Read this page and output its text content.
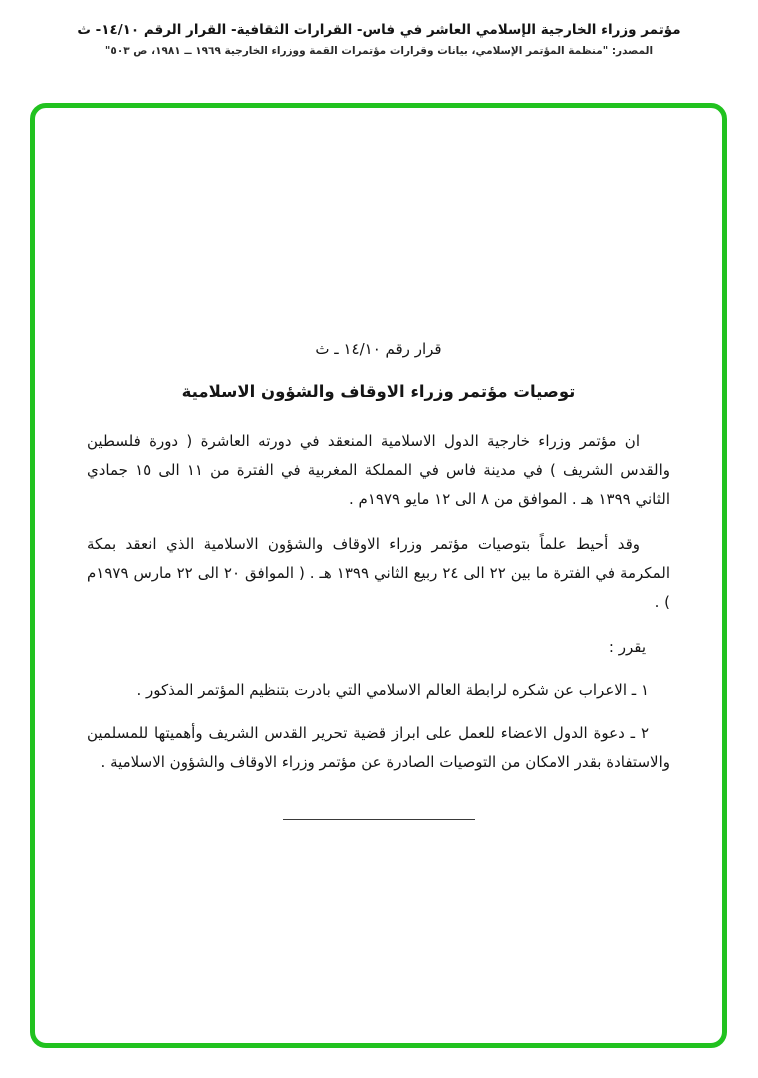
مؤتمر وزراء الخارجية الإسلامي العاشر في فاس- القرارات الثقافية- القرار الرقم ١٤/١٠- ث
المصدر: "منظمة المؤتمر الإسلامي، بيانات وقرارات مؤتمرات القمة ووزراء الخارجية ١٩٦٩ ــ ١٩٨١، ص ٥٠٣"
قرار رقم ١٤/١٠ ـ ث
توصيات مؤتمر وزراء الاوقاف والشؤون الاسلامية

ان مؤتمر وزراء خارجية الدول الاسلامية المنعقد في دورته العاشرة ( دورة فلسطين والقدس الشريف ) في مدينة فاس في المملكة المغربية في الفترة من ١١ الى ١٥ جمادي الثاني ١٣٩٩ هـ . الموافق من ٨ الى ١٢ مايو ١٩٧٩م .

وقد أحيط علماً بتوصيات مؤتمر وزراء الاوقاف والشؤون الاسلامية الذي انعقد بمكة المكرمة في الفترة ما بين ٢٢ الى ٢٤ ربيع الثاني ١٣٩٩ هـ . ( الموافق ٢٠ الى ٢٢ مارس ١٩٧٩م ) .

يقرر :

١ ـ الاعراب عن شكره لرابطة العالم الاسلامي التي بادرت بتنظيم المؤتمر المذكور .

٢ ـ دعوة الدول الاعضاء للعمل على ابراز قضية تحرير القدس الشريف وأهميتها للمسلمين والاستفادة بقدر الامكان من التوصيات الصادرة عن مؤتمر وزراء الاوقاف والشؤون الاسلامية .
